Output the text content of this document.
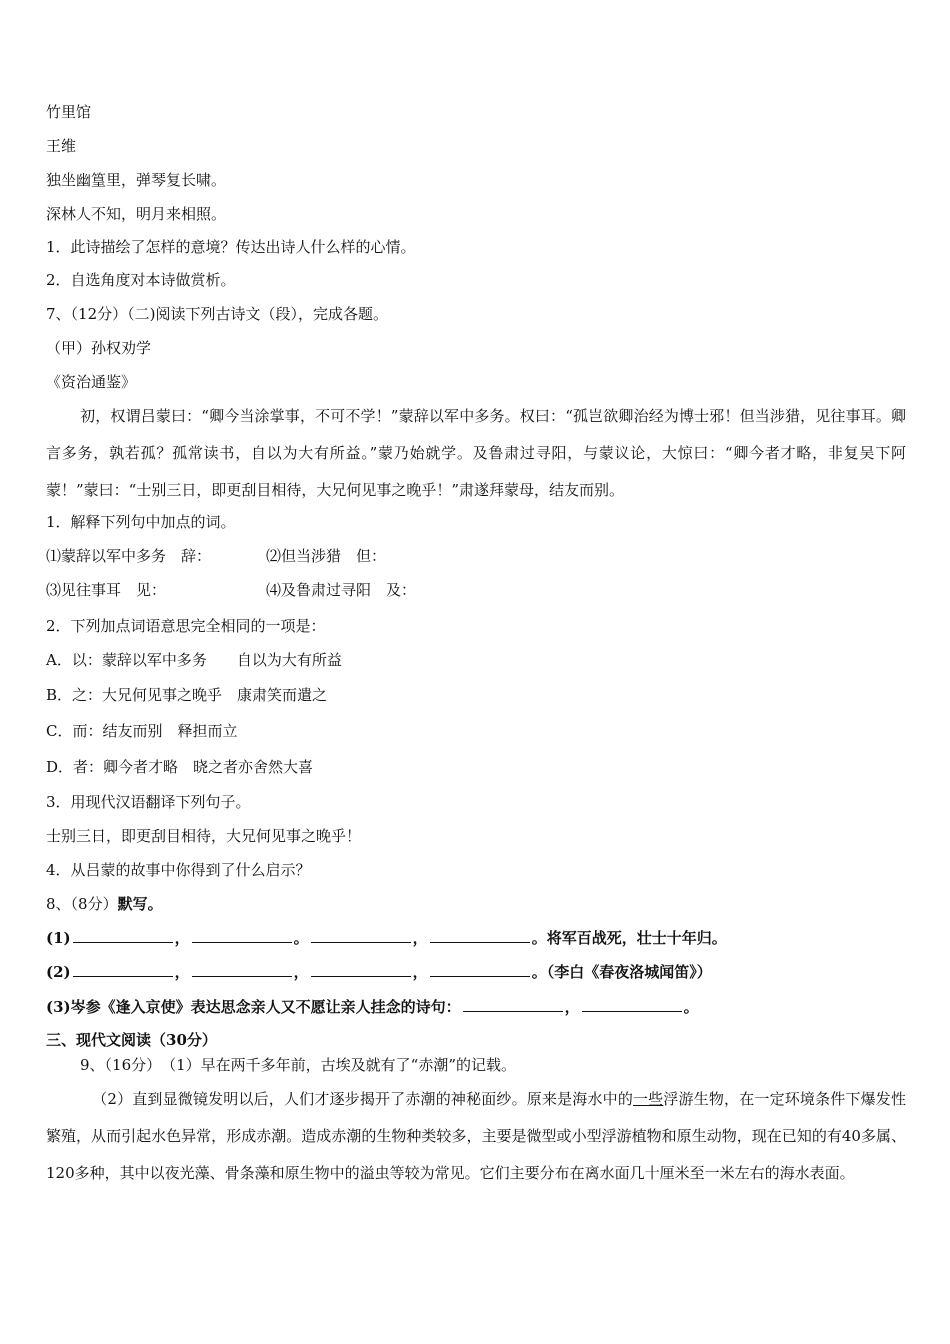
竹里馆
王维
独坐幽篁里，弹琴复长啸。
深林人不知，明月来相照。
1．此诗描绘了怎样的意境？传达出诗人什么样的心情。
2．自选角度对本诗做赏析。
7、（12分）（二)阅读下列古诗文（段），完成各题。
（甲）孙权劝学
《资治通鉴》
初，权谓吕蒙曰：“卿今当涂掌事，不可不学！”蒙辞以军中多务。权曰：“孤岂欲卿治经为博士邪！但当涉猎，见往事耳。卿言多务，孰若孤？孤常读书，自以为大有所益。”蒙乃始就学。及鲁肃过寻阳，与蒙议论，大惊曰：“卿今者才略，非复吴下阿蒙！”蒙曰：“士别三日，即更刮目相待，大兄何见事之晚乎！”肃遂拜蒙母，结友而别。
1．解释下列句中加点的词。
⑴蒙辞以军中多务　辞：	⑵但当涉猎　但：
⑶见往事耳　见：	⑷及鲁肃过寻阳　及：
2．下列加点词语意思完全相同的一项是：
A．以：蒙辞以军中多务　　自以为大有所益
B．之：大兄何见事之晚乎　康肃笑而遣之
C．而：结友而别　释担而立
D．者：卿今者才略　晓之者亦舍然大喜
3．用现代汉语翻译下列句子。
士别三日，即更刮目相待，大兄何见事之晚乎！
4．从吕蒙的故事中你得到了什么启示？
8、（8分）默写。
(1)	，	。	，	。将军百战死，壮士十年归。
(2)	，	，	，	。（李白《春夜洛城闻笛》）
(3)岑参《逢入京使》表达思念亲人又不愿让亲人挂念的诗句：	，	。
三、现代文阅读（30分）
9、（16分）　（1）早在两千多年前，古埃及就有了“赤潮”的记载。
（2）直到显微镜发明以后，人们才逐步揭开了赤潮的神秘面纱。原来是海水中的一些浮游生物，在一定环境条件下爆发性繁殖，从而引起水色异常，形成赤潮。造成赤潮的生物种类较多，主要是微型或小型浮游植物和原生动物，现在已知的有40多属、120多种，其中以夜光藻、骨条藻和原生物中的溢虫等较为常见。它们主要分布在离水面几十厘米至一米左右的海水表面。
